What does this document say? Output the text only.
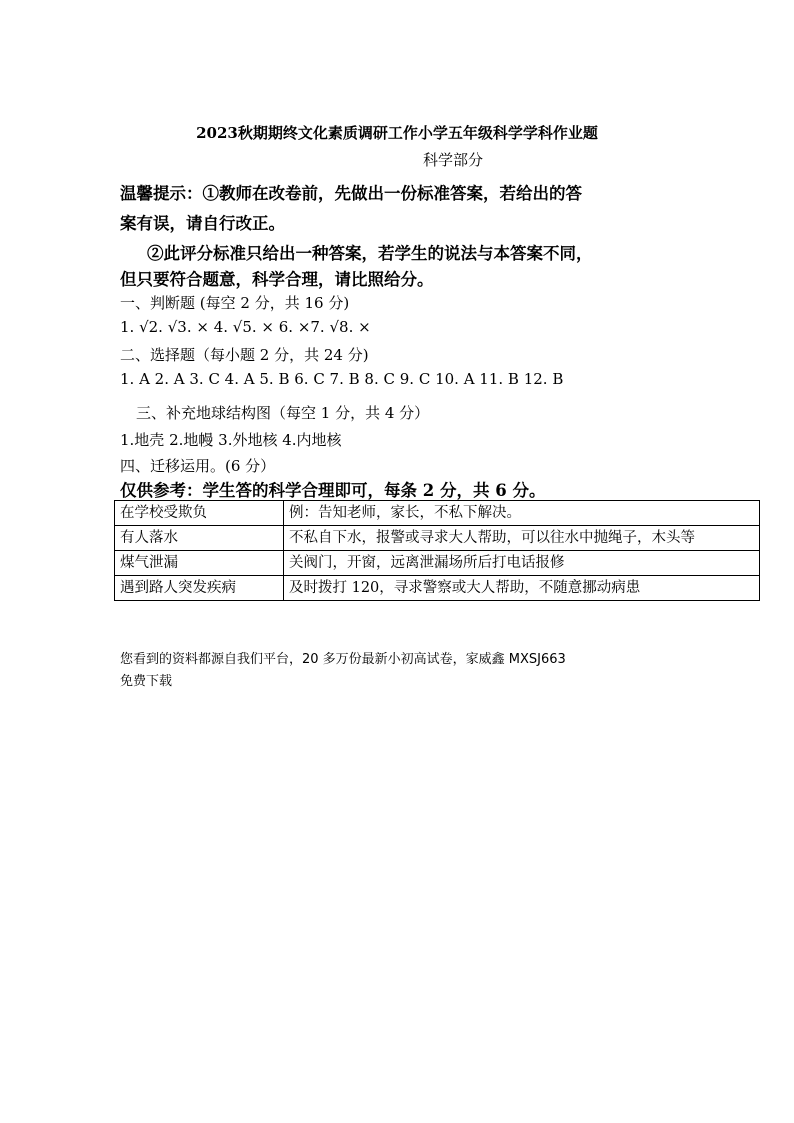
2023秋期期终文化素质调研工作小学五年级科学学科作业题
科学部分
温馨提示：①教师在改卷前，先做出一份标准答案，若给出的答
案有误，请自行改正。
②此评分标准只给出一种答案，若学生的说法与本答案不同，
但只要符合题意，科学合理，请比照给分。
一、判断题 (每空 2 分，共 16 分)
1. √2. √3. × 4. √5. × 6. ×7. √8. ×
二、选择题（每小题 2 分，共 24 分)
1. A 2. A 3. C 4. A 5. B 6. C 7. B 8. C 9. C 10. A 11. B 12. B
三、补充地球结构图（每空 1 分，共 4 分）
1.地壳 2.地幔 3.外地核 4.内地核
四、迁移运用。(6 分）
仅供参考：学生答的科学合理即可，每条 2 分，共 6 分。
在学校受欺负	例：告知老师，家长，不私下解决。
有人落水	不私自下水，报警或寻求大人帮助，可以往水中抛绳子，木头等
煤气泄漏	关阀门，开窗，远离泄漏场所后打电话报修
遇到路人突发疾病	及时拨打 120，寻求警察或大人帮助，不随意挪动病患
您看到的资料都源自我们平台，20 多万份最新小初高试卷，家威鑫 MXSJ663
免费下载
